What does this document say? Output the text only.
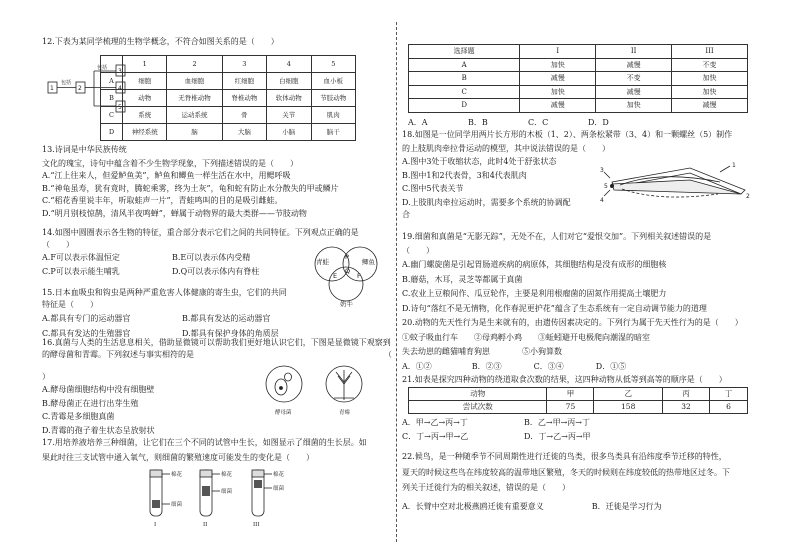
12.下表为某同学梳理的生物学概念，不符合如图关系的是（　　）
1	2
3
4
5
包括
包括
	1	2	3	4	5
A	细胞	血细胞	红细胞	白细胞	血小板
B	动物	无脊椎动物	脊椎动物	软体动物	节肢动物
C	系统	运动系统	骨	关节	肌肉
D	神经系统	脑	大脑	小脑	脑干
13.诗词是中华民族传统
文化的瑰宝，诗句中蕴含着不少生物学现象，下列描述错误的是（　　）
A.“江上往来人，但爱鲈鱼美”，鲈鱼和鲫鱼一样生活在水中，用鳃呼吸
B.“神龟虽寿，犹有竟时，腾蛇乘雾，终为土灰”，龟和蛇有防止水分散失的甲或鳞片
C.“稻花香里说丰年，听取蛙声一片”，青蛙鸣叫的目的是吸引雌蛙。
D.“明月别枝惊鹊，清风半夜鸣蝉”，蝉属于动物界的最大类群——节肢动物
14.如图中圆圈表示各生物的特征，重合部分表示它们之间的共同特征。下列观点正确的是
（　　）
A.F可以表示体温恒定	B.E可以表示体内受精
C.P可以表示能生哺乳	D.Q可以表示体内有脊柱
青蛙	鲫鱼
奶牛
P
Q
E	F
15.日本血吸虫和钩虫是两种严重危害人体健康的寄生虫，它们的共同
特征是（　　）
A.都具有专门的运动器官	B.都具有发达的运动器官
C.都具有发达的生殖器官	D.都具有保护身体的角质层
16.真菌与人类的生活息息相关，借助显微镜可以帮助我们更好地认识它们，下图是显微镜下观察到
的酵母菌和青霉。下列叙述与事实相符的是	（
）
A.酵母菌细胞结构中没有细胞壁
B.酵母菌正在进行出芽生殖
C.青霉是多细胞真菌
D.青霉的孢子着生状态呈放射状
酵母菌	青霉
17.用培养液培养三种细菌，让它们在三个不同的试管中生长，如图显示了细菌的生长层。如
果此时往三支试管中通入氧气，则细菌的繁殖速度可能发生的变化是（　　）
棉花
细菌
棉花
细菌
棉花
细菌
I	II	III
选择题	I	II	III
A	加快	减慢	不变
B	减慢	不变	加快
C	加快	减慢	加快
D	减慢	加快	减慢
A．A	B．B	C．C	D．D
18.如图是一位同学用两片长方形的木板（1、2）、两条松紧带（3、4）和一颗螺丝（5）制作
的上肢肌肉牵拉骨运动的模型，其中说法错误的是（　　）
A.图中3处于收缩状态，此时4处于舒张状态
B.图中1和2代表骨，3和4代表肌肉
C.图中5代表关节
D.上肢肌肉牵拉运动时，需要多个系统的协调配
合
1
2
3
4
5
19.细菌和真菌是“无影无踪”，无处不在，人们对它“爱恨交加”。下列相关叙述错误的是
（　　）
A.幽门螺旋菌是引起胃肠道疾病的病原体，其细胞结构是没有成形的细胞核
B.蘑菇，木耳，灵芝等都属于真菌
C.农业上豆粮间作、瓜豆轮作，主要是利用根瘤菌的固氮作用提高土壤肥力
D.诗句“落红不是无情物，化作春泥更护花”蕴含了生态系统有一定自动调节能力的道理
20.动物的先天性行为是生来就有的，由遗传因素决定的。下列行为属于先天性行为的是（　　）
①蚊子吸血行车　　②母鸡孵小鸡　　③蚯蚓避开电极爬向潮湿的暗室
失去幼崽的雌猫哺育狗崽　　　　⑤小狗算数
A．①②　　　　　B．②③　　　　C．③④　　　　D．①⑤
21.如表是探究四种动物的绕道取食次数的结果，这四种动物从低等到高等的顺序是（　　）
动物	甲	乙	丙	丁
尝试次数	75	158	32	6
A．甲→乙→丙→丁	B．乙→甲→丙→丁
C．丁→丙→甲→乙	D．丁→乙→丙→甲
22.候鸟，是一种随季节不同周期性进行迁徙的鸟类，很多鸟类具有沿纬度季节迁移的特性，
夏天的时候这些鸟在纬度较高的温带地区繁殖，冬天的时候则在纬度较低的热带地区过冬。下
列关于迁徙行为的相关叙述，错误的是（　　）
A．长臂中空对北极燕鸥迁徙有重要意义　　　　　　B．迁徙是学习行为
